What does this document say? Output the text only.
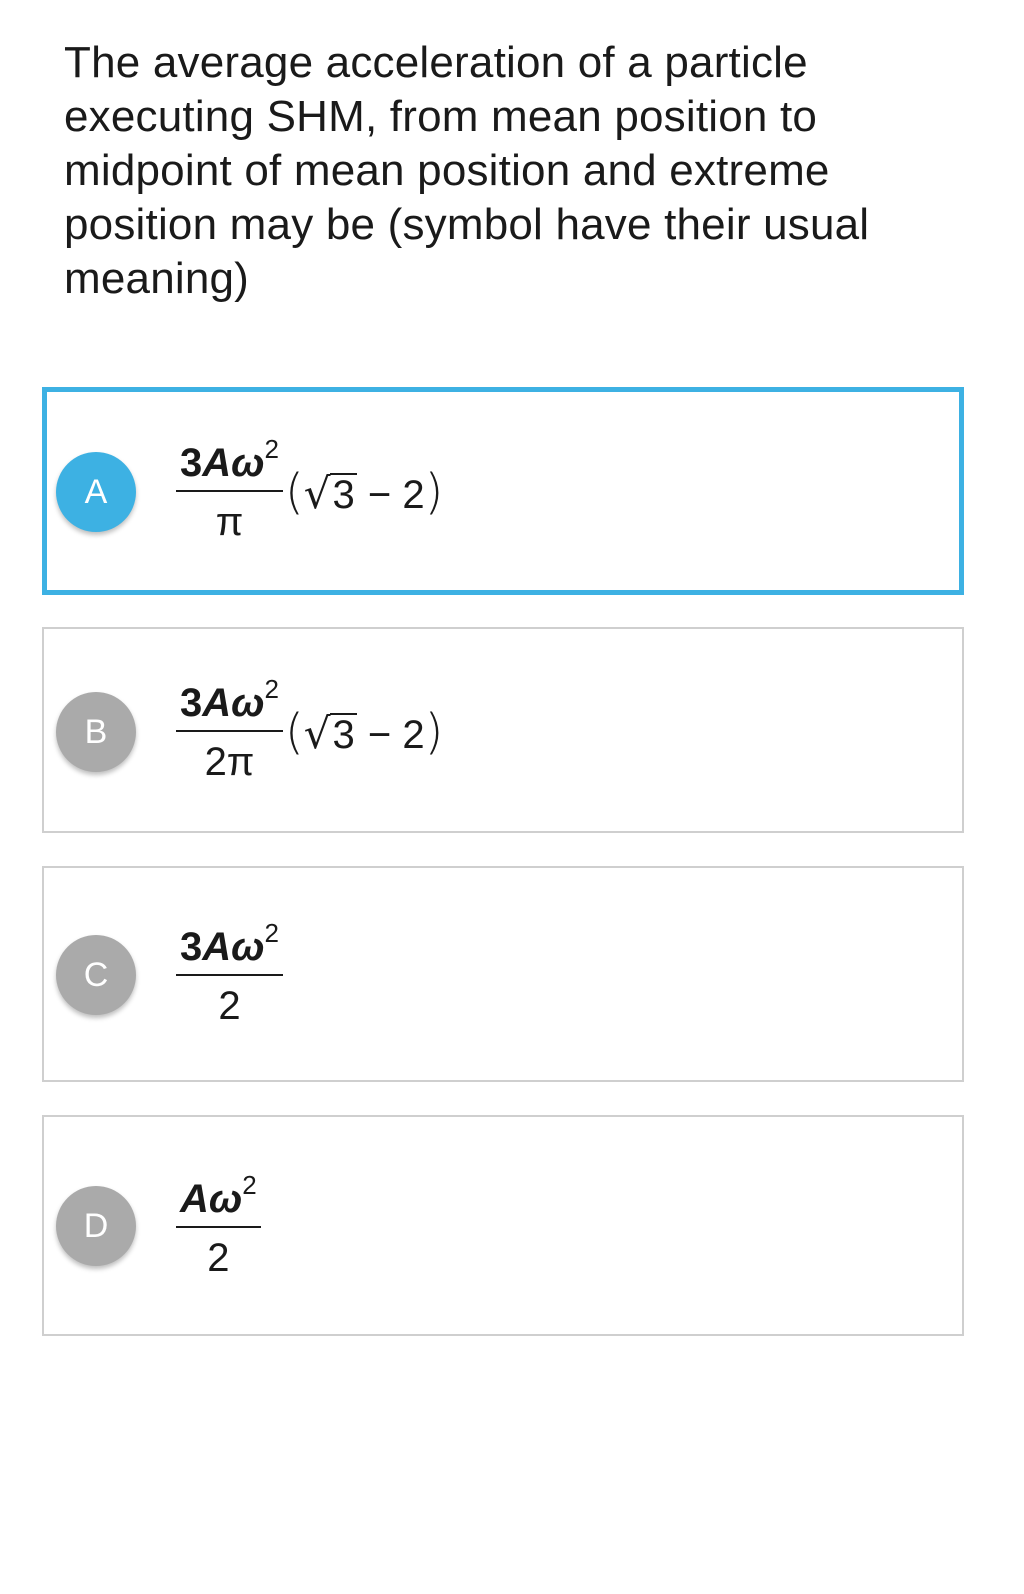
The average acceleration of a particle
executing SHM, from mean position to
midpoint of mean position and extreme
position may be (symbol have their usual
meaning)
A	$\frac{3A\omega^2}{\pi} (√3 - 2)$
B	$\frac{3A\omega^2}{2\pi} (√3 - 2)$
C	$\frac{3A\omega^2}{2}$
D	$\frac{A\omega^2}{2}$
